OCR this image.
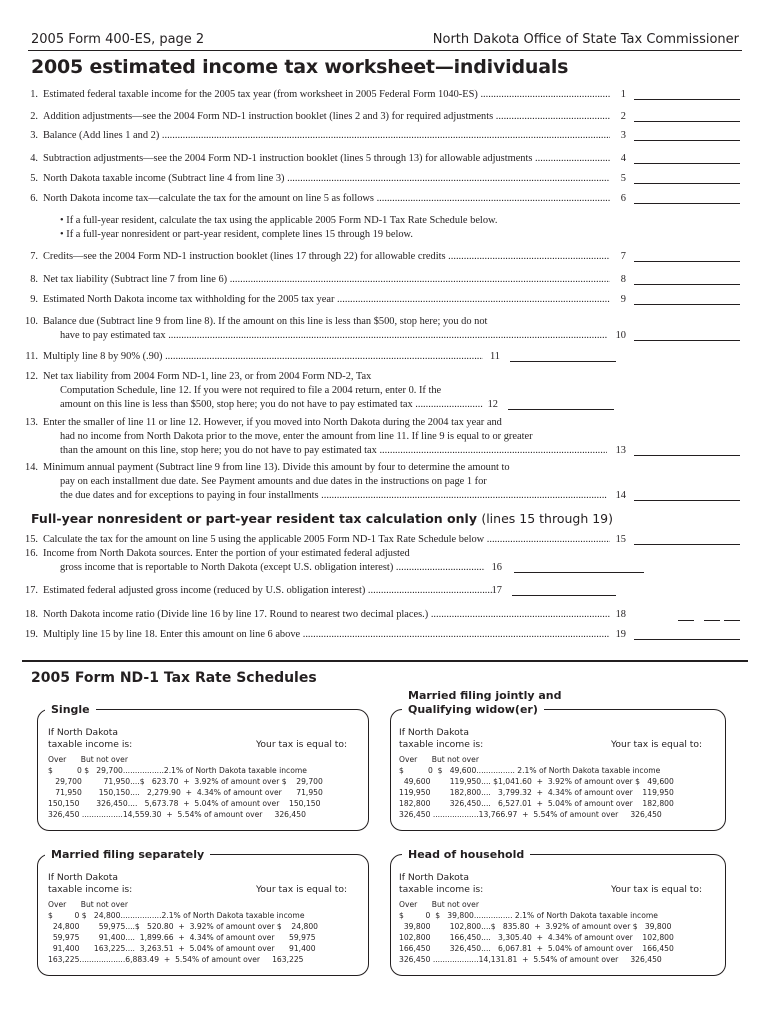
2005 Form 400-ES, page 2	North Dakota Office of State Tax Commissioner
2005 estimated income tax worksheet—individuals
1. Estimated federal taxable income for the 2005 tax year (from worksheet in 2005 Federal Form 1040-ES) .....	1
2. Addition adjustments—see the 2004 Form ND-1 instruction booklet (lines 2 and 3) for required adjustments .....	2
3. Balance (Add lines 1 and 2) .....	3
4. Subtraction adjustments—see the 2004 Form ND-1 instruction booklet (lines 5 through 13) for allowable adjustments .....	4
5. North Dakota taxable income (Subtract line 4 from line 3) .....	5
6. North Dakota income tax—calculate the tax for the amount on line 5 as follows .....	6
• If a full-year resident, calculate the tax using the applicable 2005 Form ND-1 Tax Rate Schedule below.
• If a full-year nonresident or part-year resident, complete lines 15 through 19 below.
7. Credits—see the 2004 Form ND-1 instruction booklet (lines 17 through 22) for allowable credits .....	7
8. Net tax liability (Subtract line 7 from line 6) .....	8
9. Estimated North Dakota income tax withholding for the 2005 tax year .....	9
10. Balance due (Subtract line 9 from line 8). If the amount on this line is less than $500, stop here; you do not
have to pay estimated tax .....	10
11. Multiply line 8 by 90% (.90) .....	11
12. Net tax liability from 2004 Form ND-1, line 23, or from 2004 Form ND-2, Tax
Computation Schedule, line 12. If you were not required to file a 2004 return, enter 0. If the
amount on this line is less than $500, stop here; you do not have to pay estimated tax .....	12
13. Enter the smaller of line 11 or line 12. However, if you moved into North Dakota during the 2004 tax year and
had no income from North Dakota prior to the move, enter the amount from line 11. If line 9 is equal to or greater
than the amount on this line, stop here; you do not have to pay estimated tax .....	13
14. Minimum annual payment (Subtract line 9 from line 13). Divide this amount by four to determine the amount to
pay on each installment due date. See Payment amounts and due dates in the instructions on page 1 for
the due dates and for exceptions to paying in four installments .....	14
Full-year nonresident or part-year resident tax calculation only (lines 15 through 19)
15. Calculate the tax for the amount on line 5 using the applicable 2005 Form ND-1 Tax Rate Schedule below .....	15
16. Income from North Dakota sources. Enter the portion of your estimated federal adjusted
gross income that is reportable to North Dakota (except U.S. obligation interest) .....	16
17. Estimated federal adjusted gross income (reduced by U.S. obligation interest) .....	17
18. North Dakota income ratio (Divide line 16 by line 17. Round to nearest two decimal places.) .....	18
19. Multiply line 15 by line 18. Enter this amount on line 6 above .....	19
2005 Form ND-1 Tax Rate Schedules
Single
If North Dakota
taxable income is:	Your tax is equal to:
Over      But not over
$          0 $   29,700.................2.1% of North Dakota taxable income
29,700         71,950....$   623.70  +  3.92% of amount over $    29,700
71,950       150,150....   2,279.90  +  4.34% of amount over      71,950
150,150       326,450....   5,673.78  +  5.04% of amount over    150,150
326,450 .................14,559.30  +  5.54% of amount over     326,450
Married filing jointly and
Qualifying widow(er)
If North Dakota
taxable income is:	Your tax is equal to:
Over      But not over
$          0  $   49,600................ 2.1% of North Dakota taxable income
49,600        119,950.... $1,041.60  +  3.92% of amount over $   49,600
119,950        182,800....   3,799.32  +  4.34% of amount over    119,950
182,800        326,450....   6,527.01  +  5.04% of amount over    182,800
326,450 ...................13,766.97  +  5.54% of amount over     326,450
Married filing separately
If North Dakota
taxable income is:	Your tax is equal to:
Over      But not over
$         0 $   24,800.................2.1% of North Dakota taxable income
24,800        59,975....$   520.80  +  3.92% of amount over $    24,800
59,975        91,400....  1,899.66  +  4.34% of amount over      59,975
91,400      163,225....  3,263.51  +  5.04% of amount over      91,400
163,225...................6,883.49  +  5.54% of amount over     163,225
Head of household
If North Dakota
taxable income is:	Your tax is equal to:
Over      But not over
$         0  $   39,800................ 2.1% of North Dakota taxable income
39,800        102,800....$   835.80  +  3.92% of amount over $   39,800
102,800        166,450....   3,305.40  +  4.34% of amount over    102,800
166,450        326,450....   6,067.81  +  5.04% of amount over    166,450
326,450 ...................14,131.81  +  5.54% of amount over     326,450
